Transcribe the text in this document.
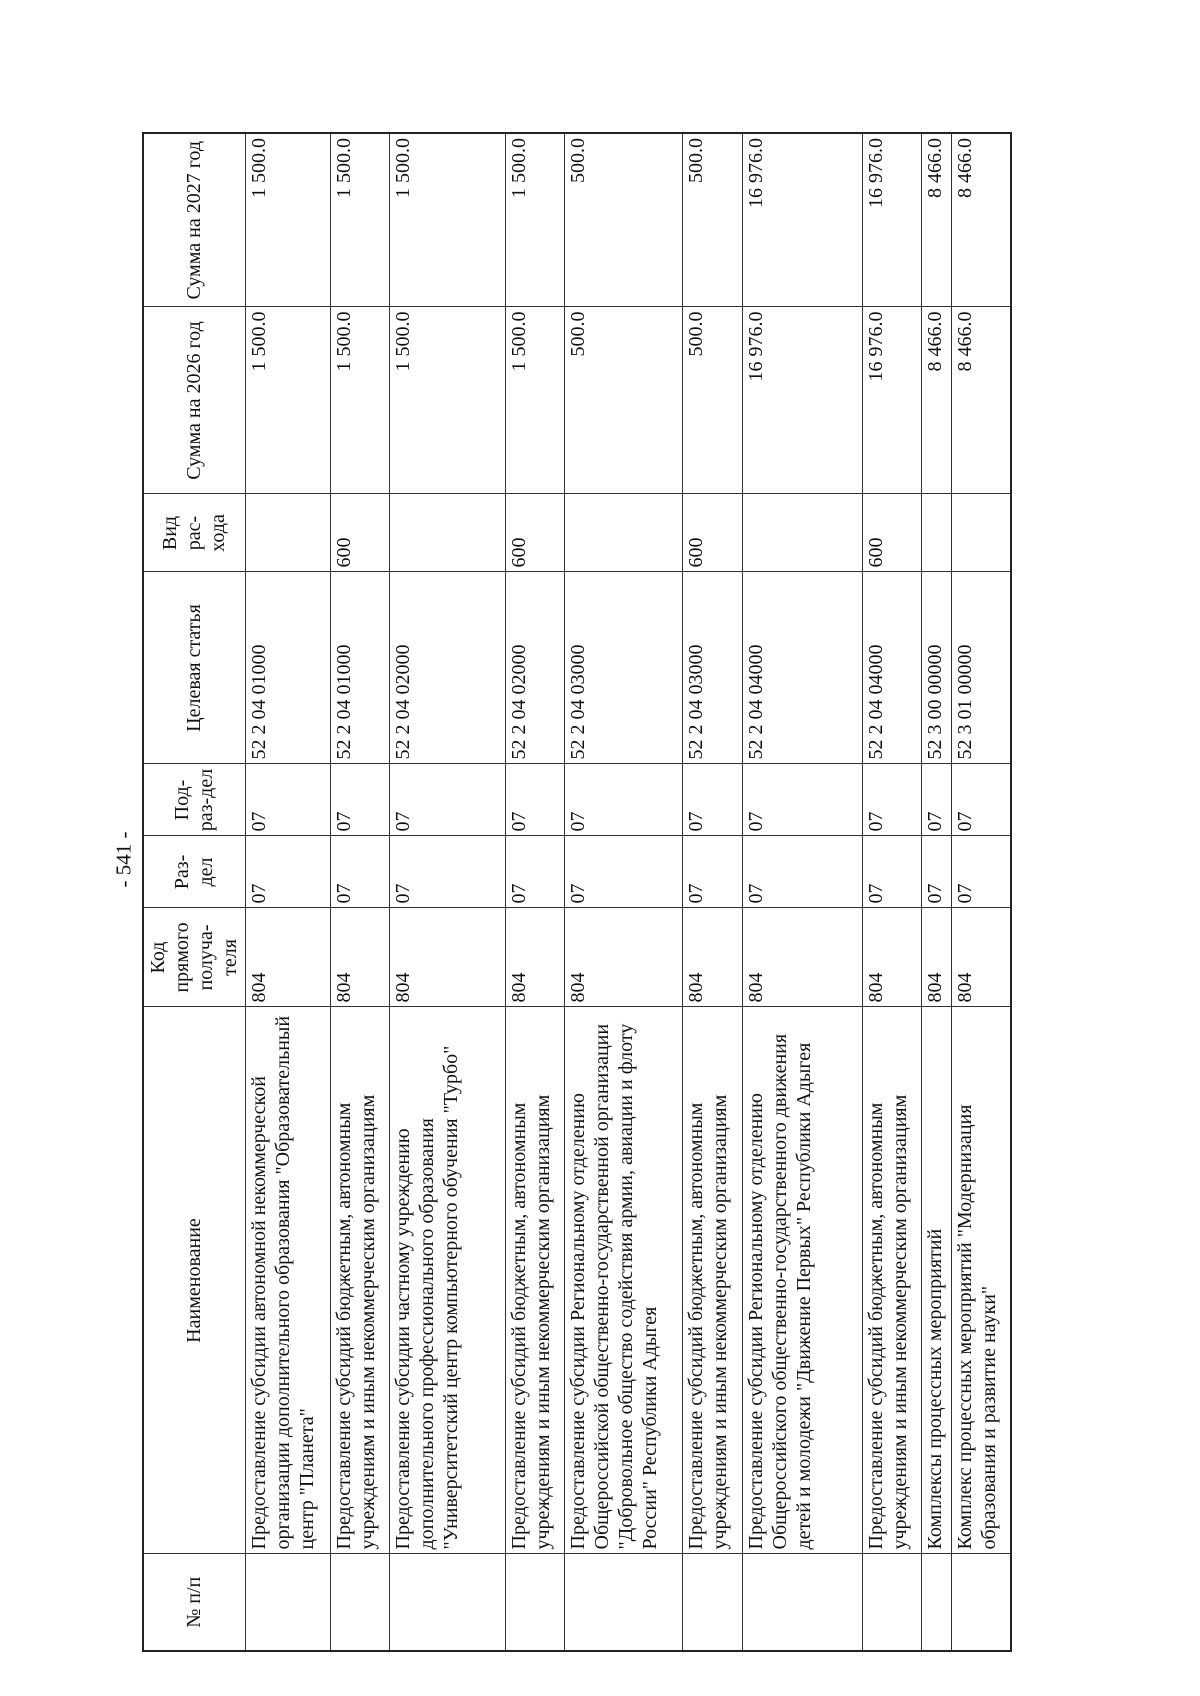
- 541 -
№ п/п	Наименование	Код прямого получа-теля	Раз-дел	Под-раз-дел	Целевая статья	Вид рас-хода	Сумма на 2026 год	Сумма на 2027 год
	Предоставление субсидии автономной некоммерческой организации дополнительного образования "Образовательный центр "Планета"	804	07	07	52 2 04 01000		1 500.0	1 500.0
	Предоставление субсидий бюджетным, автономным учреждениям и иным некоммерческим организациям	804	07	07	52 2 04 01000	600	1 500.0	1 500.0
	Предоставление субсидии частному учреждению дополнительного профессионального образования "Университетский центр компьютерного обучения "Турбо"	804	07	07	52 2 04 02000		1 500.0	1 500.0
	Предоставление субсидий бюджетным, автономным учреждениям и иным некоммерческим организациям	804	07	07	52 2 04 02000	600	1 500.0	1 500.0
	Предоставление субсидии Региональному отделению Общероссийской общественно-государственной организации "Добровольное общество содействия армии, авиации и флоту России" Республики Адыгея	804	07	07	52 2 04 03000		500.0	500.0
	Предоставление субсидий бюджетным, автономным учреждениям и иным некоммерческим организациям	804	07	07	52 2 04 03000	600	500.0	500.0
	Предоставление субсидии Региональному отделению Общероссийского общественно-государственного движения детей и молодежи "Движение Первых" Республики Адыгея	804	07	07	52 2 04 04000		16 976.0	16 976.0
	Предоставление субсидий бюджетным, автономным учреждениям и иным некоммерческим организациям	804	07	07	52 2 04 04000	600	16 976.0	16 976.0
	Комплексы процессных мероприятий	804	07	07	52 3 00 00000		8 466.0	8 466.0
	Комплекс процессных мероприятий "Модернизация образования и развитие науки"	804	07	07	52 3 01 00000		8 466.0	8 466.0
